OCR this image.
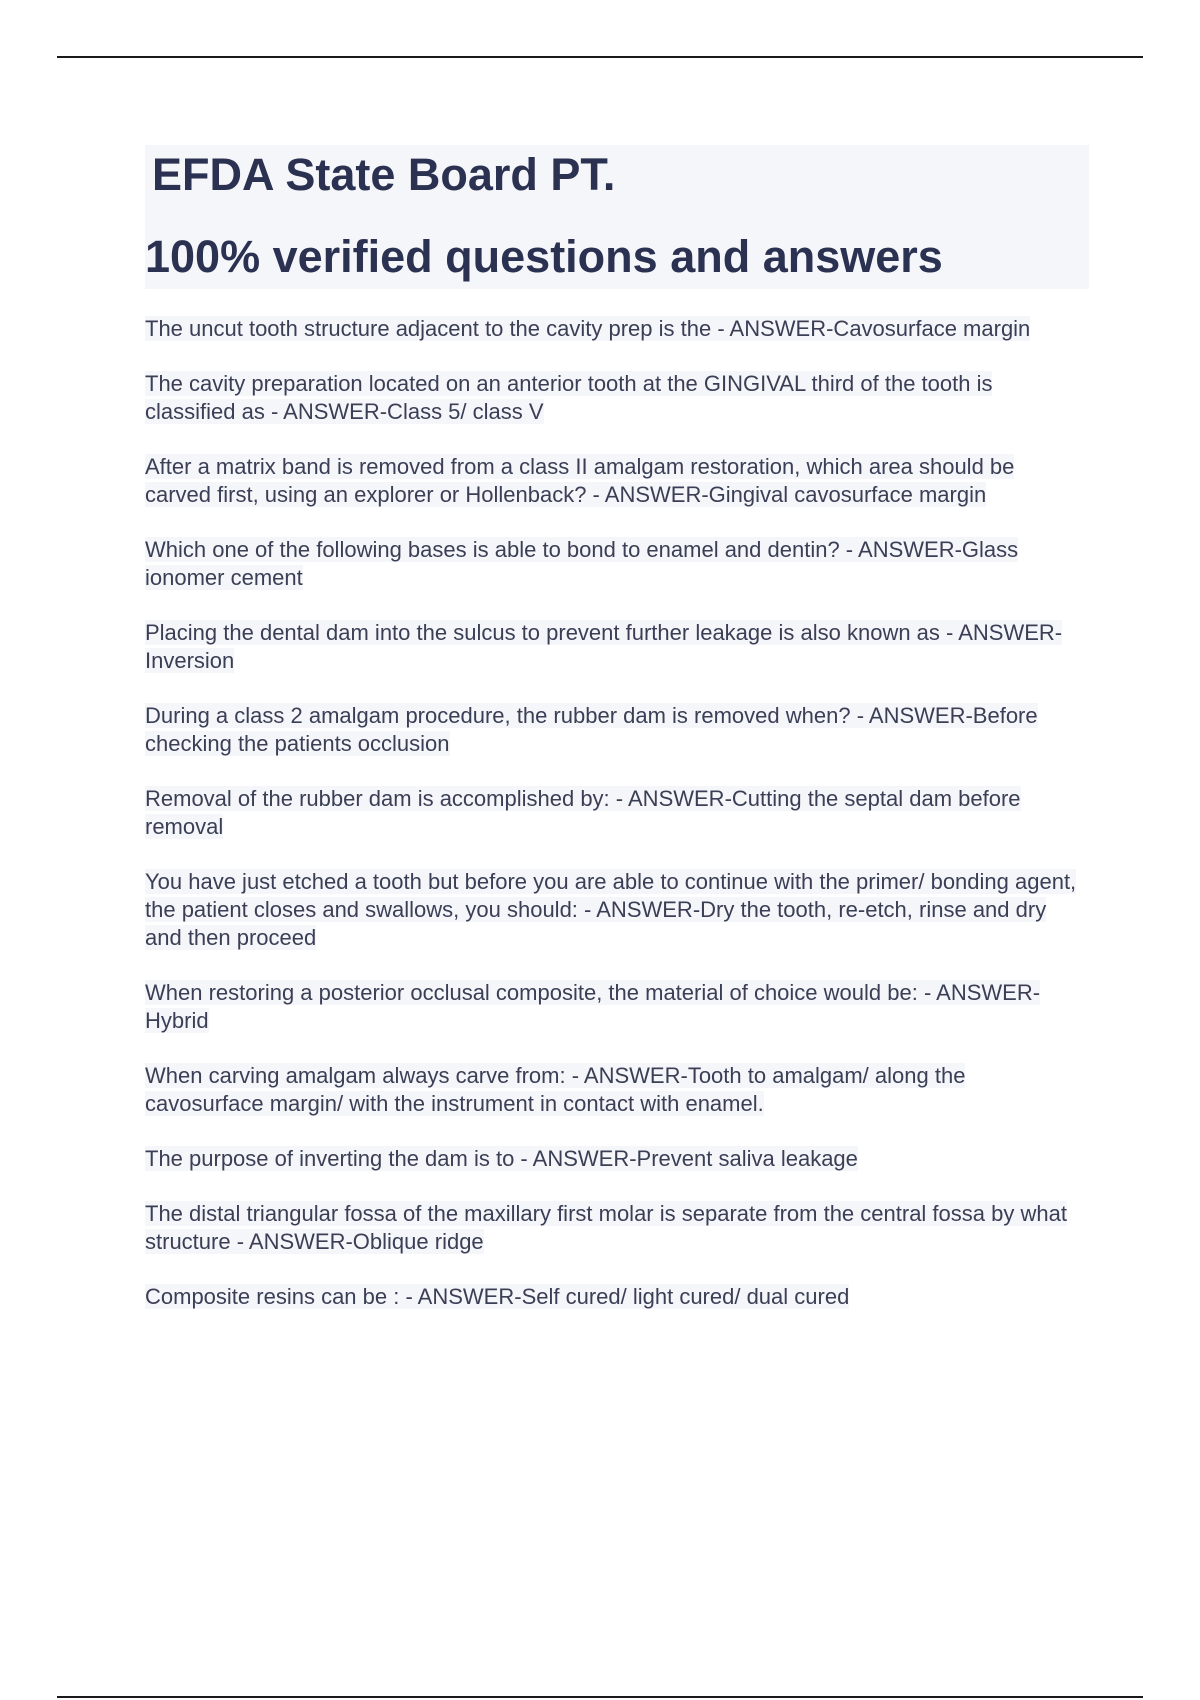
EFDA State Board PT.
100% verified questions and answers
The uncut tooth structure adjacent to the cavity prep is the - ANSWER-Cavosurface margin
The cavity preparation located on an anterior tooth at the GINGIVAL third of the tooth is classified as - ANSWER-Class 5/ class V
After a matrix band is removed from a class II amalgam restoration, which area should be carved first, using an explorer or Hollenback? - ANSWER-Gingival cavosurface margin
Which one of the following bases is able to bond to enamel and dentin? - ANSWER-Glass ionomer cement
Placing the dental dam into the sulcus to prevent further leakage is also known as - ANSWER-Inversion
During a class 2 amalgam procedure, the rubber dam is removed when? - ANSWER-Before checking the patients occlusion
Removal of the rubber dam is accomplished by: - ANSWER-Cutting the septal dam before removal
You have just etched a tooth but before you are able to continue with the primer/ bonding agent, the patient closes and swallows, you should: - ANSWER-Dry the tooth, re-etch, rinse and dry and then proceed
When restoring a posterior occlusal composite, the material of choice would be: - ANSWER-Hybrid
When carving amalgam always carve from: - ANSWER-Tooth to amalgam/ along the cavosurface margin/ with the instrument in contact with enamel.
The purpose of inverting the dam is to - ANSWER-Prevent saliva leakage
The distal triangular fossa of the maxillary first molar is separate from the central fossa by what structure - ANSWER-Oblique ridge
Composite resins can be : - ANSWER-Self cured/ light cured/ dual cured
